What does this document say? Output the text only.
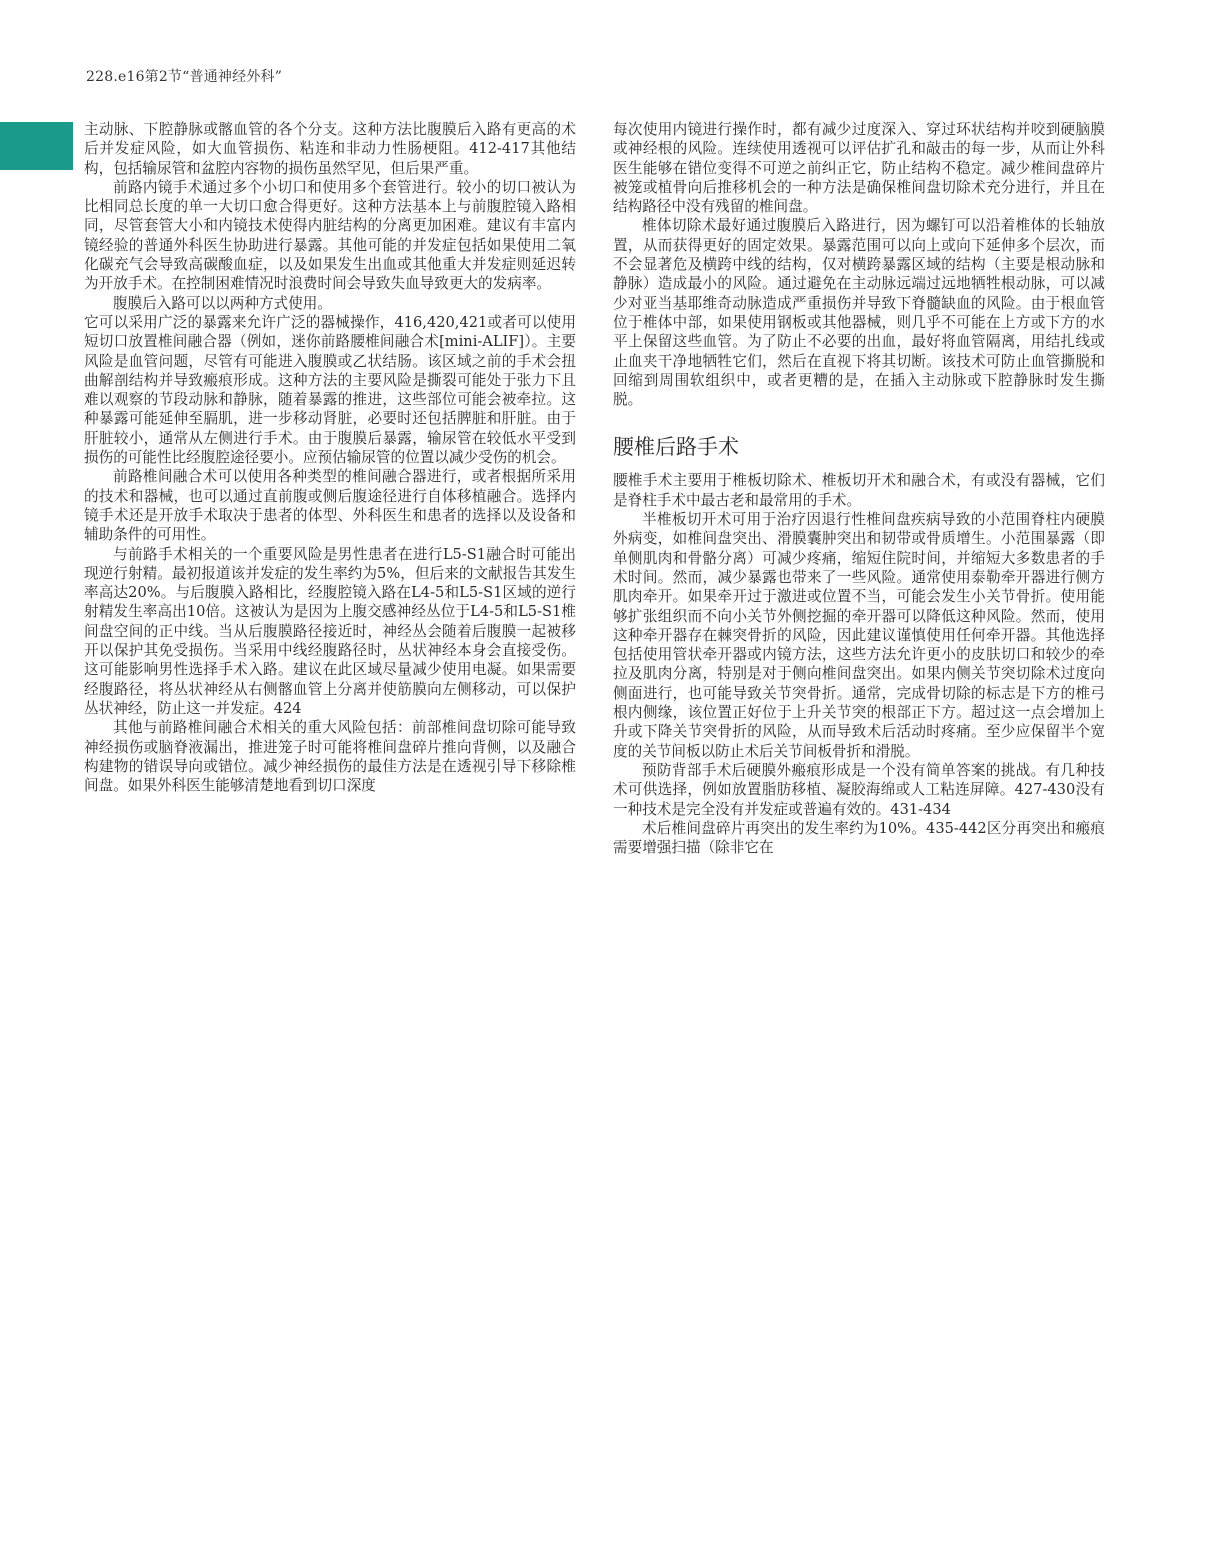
228.e16第2节“普通神经外科”

主动脉、下腔静脉或髂血管的各个分支。这种方法比腹膜后入路有更高的术后并发症风险，如大血管损伤、粘连和非动力性肠梗阻。412-417其他结构，包括输尿管和盆腔内容物的损伤虽然罕见，但后果严重。

前路内镜手术通过多个小切口和使用多个套管进行。较小的切口被认为比相同总长度的单一大切口愈合得更好。这种方法基本上与前腹腔镜入路相同，尽管套管大小和内镜技术使得内脏结构的分离更加困难。建议有丰富内镜经验的普通外科医生协助进行暴露。其他可能的并发症包括如果使用二氧化碳充气会导致高碳酸血症，以及如果发生出血或其他重大并发症则延迟转为开放手术。在控制困难情况时浪费时间会导致失血导致更大的发病率。

腹膜后入路可以以两种方式使用。

它可以采用广泛的暴露来允许广泛的器械操作，416,420,421或者可以使用短切口放置椎间融合器（例如，迷你前路腰椎间融合术[mini-ALIF]）。主要风险是血管问题，尽管有可能进入腹膜或乙状结肠。该区域之前的手术会扭曲解剖结构并导致瘢痕形成。这种方法的主要风险是撕裂可能处于张力下且难以观察的节段动脉和静脉，随着暴露的推进，这些部位可能会被牵拉。这种暴露可能延伸至膈肌，进一步移动肾脏，必要时还包括脾脏和肝脏。由于肝脏较小，通常从左侧进行手术。由于腹膜后暴露，输尿管在较低水平受到损伤的可能性比经腹腔途径要小。应预估输尿管的位置以减少受伤的机会。

前路椎间融合术可以使用各种类型的椎间融合器进行，或者根据所采用的技术和器械，也可以通过直前腹或侧后腹途径进行自体移植融合。选择内镜手术还是开放手术取决于患者的体型、外科医生和患者的选择以及设备和辅助条件的可用性。

与前路手术相关的一个重要风险是男性患者在进行L5-S1融合时可能出现逆行射精。最初报道该并发症的发生率约为5%，但后来的文献报告其发生率高达20%。与后腹膜入路相比，经腹腔镜入路在L4-5和L5-S1区域的逆行射精发生率高出10倍。这被认为是因为上腹交感神经丛位于L4-5和L5-S1椎间盘空间的正中线。当从后腹膜路径接近时，神经丛会随着后腹膜一起被移开以保护其免受损伤。当采用中线经腹路径时，丛状神经本身会直接受伤。这可能影响男性选择手术入路。建议在此区域尽量减少使用电凝。如果需要经腹路径，将丛状神经从右侧髂血管上分离并使筋膜向左侧移动，可以保护丛状神经，防止这一并发症。424

其他与前路椎间融合术相关的重大风险包括：前部椎间盘切除可能导致神经损伤或脑脊液漏出，推进笼子时可能将椎间盘碎片推向背侧，以及融合构建物的错误导向或错位。减少神经损伤的最佳方法是在透视引导下移除椎间盘。如果外科医生能够清楚地看到切口深度

每次使用内镜进行操作时，都有减少过度深入、穿过环状结构并咬到硬脑膜或神经根的风险。连续使用透视可以评估扩孔和敲击的每一步，从而让外科医生能够在错位变得不可逆之前纠正它，防止结构不稳定。减少椎间盘碎片被笼或植骨向后推移机会的一种方法是确保椎间盘切除术充分进行，并且在结构路径中没有残留的椎间盘。

椎体切除术最好通过腹膜后入路进行，因为螺钉可以沿着椎体的长轴放置，从而获得更好的固定效果。暴露范围可以向上或向下延伸多个层次，而不会显著危及横跨中线的结构，仅对横跨暴露区域的结构（主要是根动脉和静脉）造成最小的风险。通过避免在主动脉远端过远地牺牲根动脉，可以减少对亚当基耶维奇动脉造成严重损伤并导致下脊髓缺血的风险。由于根血管位于椎体中部，如果使用钢板或其他器械，则几乎不可能在上方或下方的水平上保留这些血管。为了防止不必要的出血，最好将血管隔离，用结扎线或止血夹干净地牺牲它们，然后在直视下将其切断。该技术可防止血管撕脱和回缩到周围软组织中，或者更糟的是，在插入主动脉或下腔静脉时发生撕脱。

腰椎后路手术

腰椎手术主要用于椎板切除术、椎板切开术和融合术，有或没有器械，它们是脊柱手术中最古老和最常用的手术。

半椎板切开术可用于治疗因退行性椎间盘疾病导致的小范围脊柱内硬膜外病变，如椎间盘突出、滑膜囊肿突出和韧带或骨质增生。小范围暴露（即单侧肌肉和骨骼分离）可减少疼痛，缩短住院时间，并缩短大多数患者的手术时间。然而，减少暴露也带来了一些风险。通常使用泰勒牵开器进行侧方肌肉牵开。如果牵开过于激进或位置不当，可能会发生小关节骨折。使用能够扩张组织而不向小关节外侧挖掘的牵开器可以降低这种风险。然而，使用这种牵开器存在棘突骨折的风险，因此建议谨慎使用任何牵开器。其他选择包括使用管状牵开器或内镜方法，这些方法允许更小的皮肤切口和较少的牵拉及肌肉分离，特别是对于侧向椎间盘突出。如果内侧关节突切除术过度向侧面进行，也可能导致关节突骨折。通常，完成骨切除的标志是下方的椎弓根内侧缘，该位置正好位于上升关节突的根部正下方。超过这一点会增加上升或下降关节突骨折的风险，从而导致术后活动时疼痛。至少应保留半个宽度的关节间板以防止术后关节间板骨折和滑脱。

预防背部手术后硬膜外瘢痕形成是一个没有简单答案的挑战。有几种技术可供选择，例如放置脂肪移植、凝胶海绵或人工粘连屏障。427-430没有一种技术是完全没有并发症或普遍有效的。431-434

术后椎间盘碎片再突出的发生率约为10%。435-442区分再突出和瘢痕需要增强扫描（除非它在
